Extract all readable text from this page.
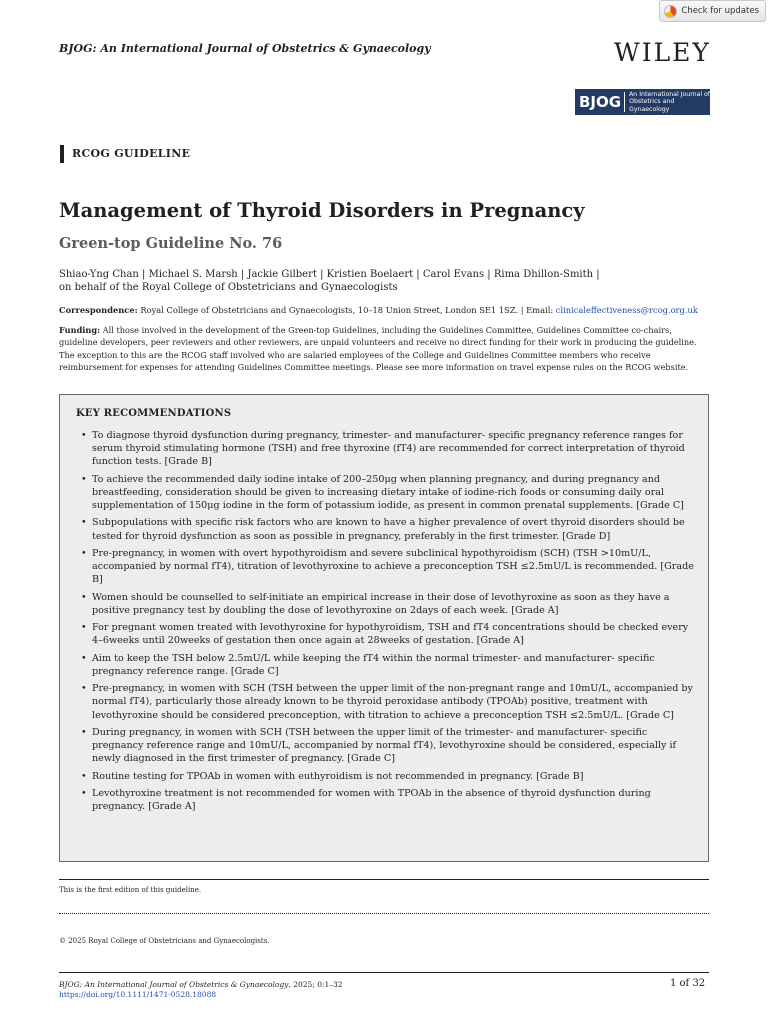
Check for updates
BJOG: An International Journal of Obstetrics & Gynaecology	WILEY
BJOG	An International Journal of
Obstetrics and Gynaecology
RCOG GUIDELINE
Management of Thyroid Disorders in Pregnancy
Green-top Guideline No. 76
Shiao-Yng Chan | Michael S. Marsh | Jackie Gilbert | Kristien Boelaert | Carol Evans | Rima Dhillon-Smith |
on behalf of the Royal College of Obstetricians and Gynaecologists
Correspondence: Royal College of Obstetricians and Gynaecologists, 10–18 Union Street, London SE1 1SZ. | Email: clinicaleffectiveness@rcog.org.uk
Funding: All those involved in the development of the Green-top Guidelines, including the Guidelines Committee, Guidelines Committee co-chairs, guideline developers, peer reviewers and other reviewers, are unpaid volunteers and receive no direct funding for their work in producing the guideline. The exception to this are the RCOG staff involved who are salaried employees of the College and Guidelines Committee members who receive reimbursement for expenses for attending Guidelines Committee meetings. Please see more information on travel expense rules on the RCOG website.
KEY RECOMMENDATIONS
• To diagnose thyroid dysfunction during pregnancy, trimester- and manufacturer- specific pregnancy reference ranges for serum thyroid stimulating hormone (TSH) and free thyroxine (fT4) are recommended for correct interpretation of thyroid function tests. [Grade B]
• To achieve the recommended daily iodine intake of 200–250μg when planning pregnancy, and during pregnancy and breastfeeding, consideration should be given to increasing dietary intake of iodine-rich foods or consuming daily oral supplementation of 150μg iodine in the form of potassium iodide, as present in common prenatal supplements. [Grade C]
• Subpopulations with specific risk factors who are known to have a higher prevalence of overt thyroid disorders should be tested for thyroid dysfunction as soon as possible in pregnancy, preferably in the first trimester. [Grade D]
• Pre-pregnancy, in women with overt hypothyroidism and severe subclinical hypothyroidism (SCH) (TSH >10mU/L, accompanied by normal fT4), titration of levothyroxine to achieve a preconception TSH ≤2.5mU/L is recommended. [Grade B]
• Women should be counselled to self-initiate an empirical increase in their dose of levothyroxine as soon as they have a positive pregnancy test by doubling the dose of levothyroxine on 2days of each week. [Grade A]
• For pregnant women treated with levothyroxine for hypothyroidism, TSH and fT4 concentrations should be checked every 4–6weeks until 20weeks of gestation then once again at 28weeks of gestation. [Grade A]
• Aim to keep the TSH below 2.5mU/L while keeping the fT4 within the normal trimester- and manufacturer- specific pregnancy reference range. [Grade C]
• Pre-pregnancy, in women with SCH (TSH between the upper limit of the non-pregnant range and 10mU/L, accompanied by normal fT4), particularly those already known to be thyroid peroxidase antibody (TPOAb) positive, treatment with levothyroxine should be considered preconception, with titration to achieve a preconception TSH ≤2.5mU/L. [Grade C]
• During pregnancy, in women with SCH (TSH between the upper limit of the trimester- and manufacturer- specific pregnancy reference range and 10mU/L, accompanied by normal fT4), levothyroxine should be considered, especially if newly diagnosed in the first trimester of pregnancy. [Grade C]
• Routine testing for TPOAb in women with euthyroidism is not recommended in pregnancy. [Grade B]
• Levothyroxine treatment is not recommended for women with TPOAb in the absence of thyroid dysfunction during pregnancy. [Grade A]
This is the first edition of this guideline.
© 2025 Royal College of Obstetricians and Gynaecologists.
BJOG: An International Journal of Obstetrics & Gynaecology, 2025; 0:1–32
https://doi.org/10.1111/1471-0528.18088
1 of 32
